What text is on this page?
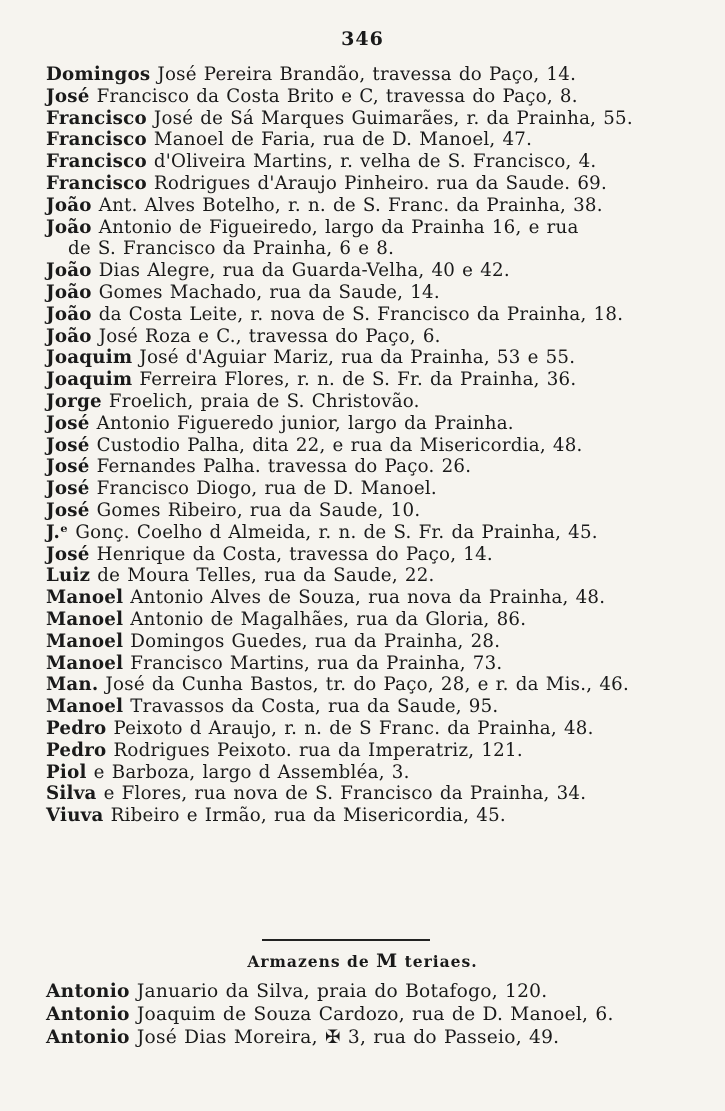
346
Domingos José Pereira Brandão, travessa do Paço, 14.
José Francisco da Costa Brito e C, travessa do Paço, 8.
Francisco José de Sá Marques Guimarães, r. da Prainha, 55.
Francisco Manoel de Faria, rua de D. Manoel, 47.
Francisco d'Oliveira Martins, r. velha de S. Francisco, 4.
Francisco Rodrigues d'Araujo Pinheiro. rua da Saude. 69.
João Ant. Alves Botelho, r. n. de S. Franc. da Prainha, 38.
João Antonio de Figueiredo, largo da Prainha 16, e rua
de S. Francisco da Prainha, 6 e 8.
João Dias Alegre, rua da Guarda-Velha, 40 e 42.
João Gomes Machado, rua da Saude, 14.
João da Costa Leite, r. nova de S. Francisco da Prainha, 18.
João José Roza e C., travessa do Paço, 6.
Joaquim José d'Aguiar Mariz, rua da Prainha, 53 e 55.
Joaquim Ferreira Flores, r. n. de S. Fr. da Prainha, 36.
Jorge Froelich, praia de S. Christovão.
José Antonio Figueredo junior, largo da Prainha.
José Custodio Palha, dita 22, e rua da Misericordia, 48.
José Fernandes Palha. travessa do Paço. 26.
José Francisco Diogo, rua de D. Manoel.
José Gomes Ribeiro, rua da Saude, 10.
J.ᵉ Gonç. Coelho d Almeida, r. n. de S. Fr. da Prainha, 45.
José Henrique da Costa, travessa do Paço, 14.
Luiz de Moura Telles, rua da Saude, 22.
Manoel Antonio Alves de Souza, rua nova da Prainha, 48.
Manoel Antonio de Magalhães, rua da Gloria, 86.
Manoel Domingos Guedes, rua da Prainha, 28.
Manoel Francisco Martins, rua da Prainha, 73.
Man. José da Cunha Bastos, tr. do Paço, 28, e r. da Mis., 46.
Manoel Travassos da Costa, rua da Saude, 95.
Pedro Peixoto d Araujo, r. n. de S Franc. da Prainha, 48.
Pedro Rodrigues Peixoto. rua da Imperatriz, 121.
Piol e Barboza, largo d Assembléa, 3.
Silva e Flores, rua nova de S. Francisco da Prainha, 34.
Viuva Ribeiro e Irmão, rua da Misericordia, 45.
Armazens de M teriaes.
Antonio Januario da Silva, praia do Botafogo, 120.
Antonio Joaquim de Souza Cardozo, rua de D. Manoel, 6.
Antonio José Dias Moreira, ✠ 3, rua do Passeio, 49.
